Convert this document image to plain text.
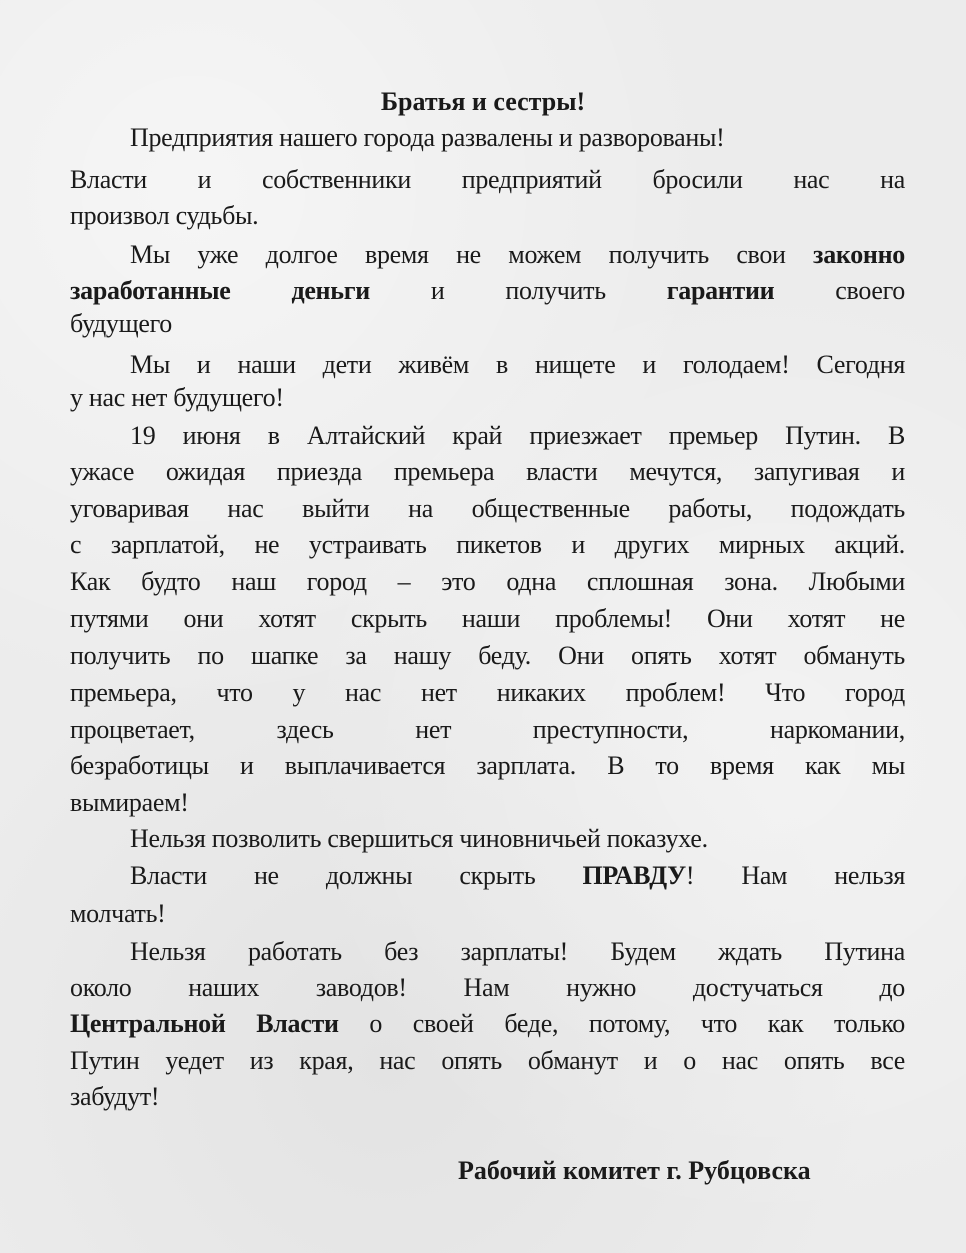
Братья и сестры!
Предприятия нашего города развалены и разворованы!
Власти и собственники предприятий бросили нас на
произвол судьбы.
Мы уже долгое время не можем получить свои законно
заработанные деньги и получить гарантии своего
будущего
Мы и наши дети живём в нищете и голодаем! Сегодня
у нас нет будущего!
19 июня в Алтайский край приезжает премьер Путин. В
ужасе ожидая приезда премьера власти мечутся, запугивая и
уговаривая нас выйти на общественные работы, подождать
с зарплатой, не устраивать пикетов и других мирных акций.
Как будто наш город – это одна сплошная зона. Любыми
путями они хотят скрыть наши проблемы! Они хотят не
получить по шапке за нашу беду. Они опять хотят обмануть
премьера, что у нас нет никаких проблем! Что город
процветает, здесь нет преступности, наркомании,
безработицы и выплачивается зарплата. В то время как мы
вымираем!
Нельзя позволить свершиться чиновничьей показухе.
Власти не должны скрыть ПРАВДУ! Нам нельзя
молчать!
Нельзя работать без зарплаты! Будем ждать Путина
около наших заводов! Нам нужно достучаться до
Центральной Власти о своей беде, потому, что как только
Путин уедет из края, нас опять обманут и о нас опять все
забудут!
Рабочий комитет г. Рубцовска
